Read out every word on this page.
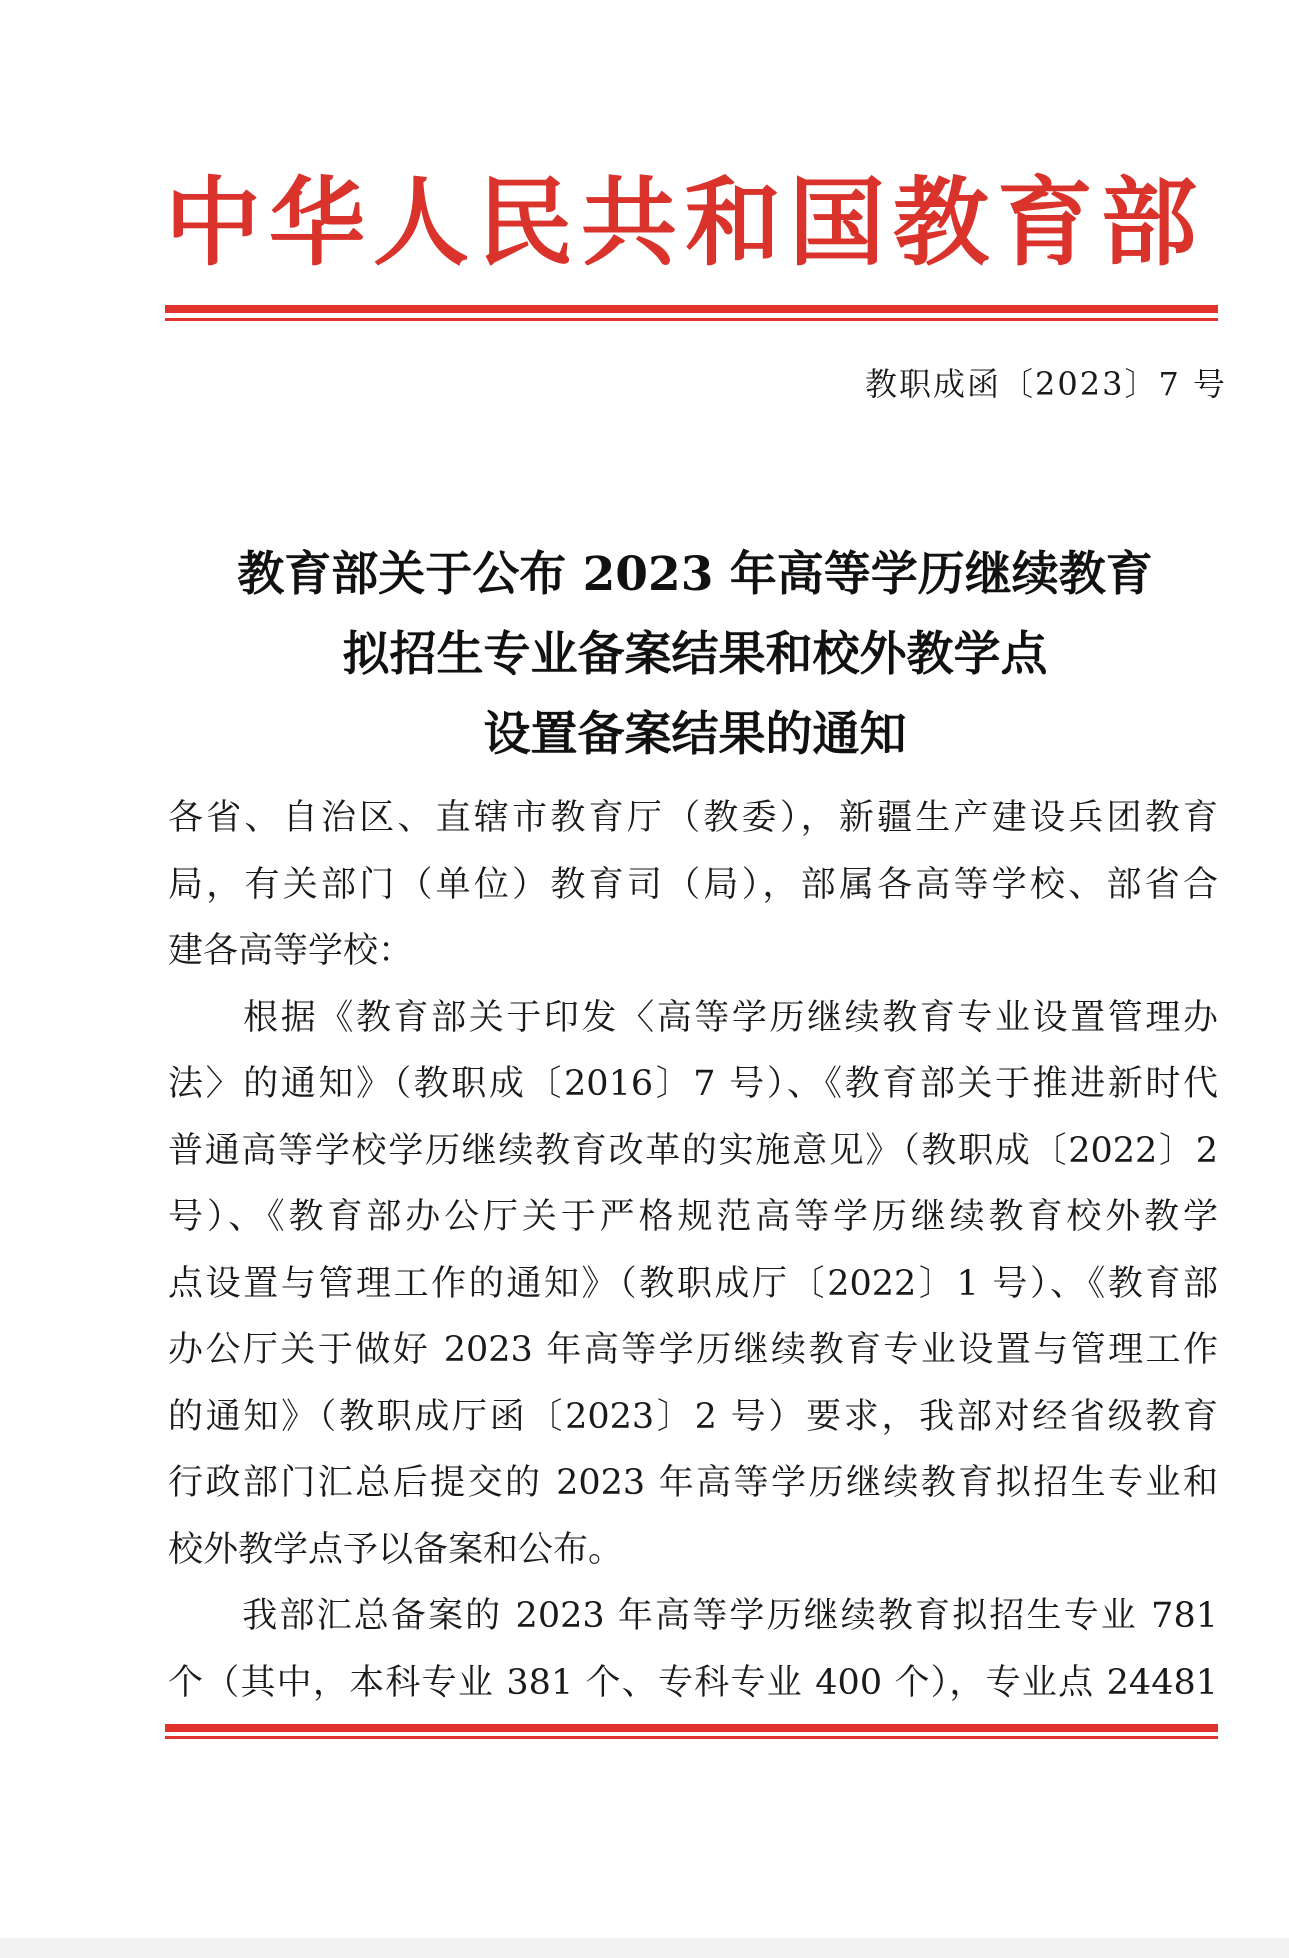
中华人民共和国教育部
教职成函〔2023〕7 号
教育部关于公布 2023 年高等学历继续教育
拟招生专业备案结果和校外教学点
设置备案结果的通知
各省、自治区、直辖市教育厅（教委），新疆生产建设兵团教育
局，有关部门（单位）教育司（局），部属各高等学校、部省合
建各高等学校：
　　根据《教育部关于印发〈高等学历继续教育专业设置管理办
法〉的通知》（教职成〔2016〕7 号）、《教育部关于推进新时代
普通高等学校学历继续教育改革的实施意见》（教职成〔2022〕2
号）、《教育部办公厅关于严格规范高等学历继续教育校外教学
点设置与管理工作的通知》（教职成厅〔2022〕1 号）、《教育部
办公厅关于做好 2023 年高等学历继续教育专业设置与管理工作
的通知》（教职成厅函〔2023〕2 号）要求，我部对经省级教育
行政部门汇总后提交的 2023 年高等学历继续教育拟招生专业和
校外教学点予以备案和公布。
　　我部汇总备案的 2023 年高等学历继续教育拟招生专业 781
个（其中，本科专业 381 个、专科专业 400 个），专业点 24481
